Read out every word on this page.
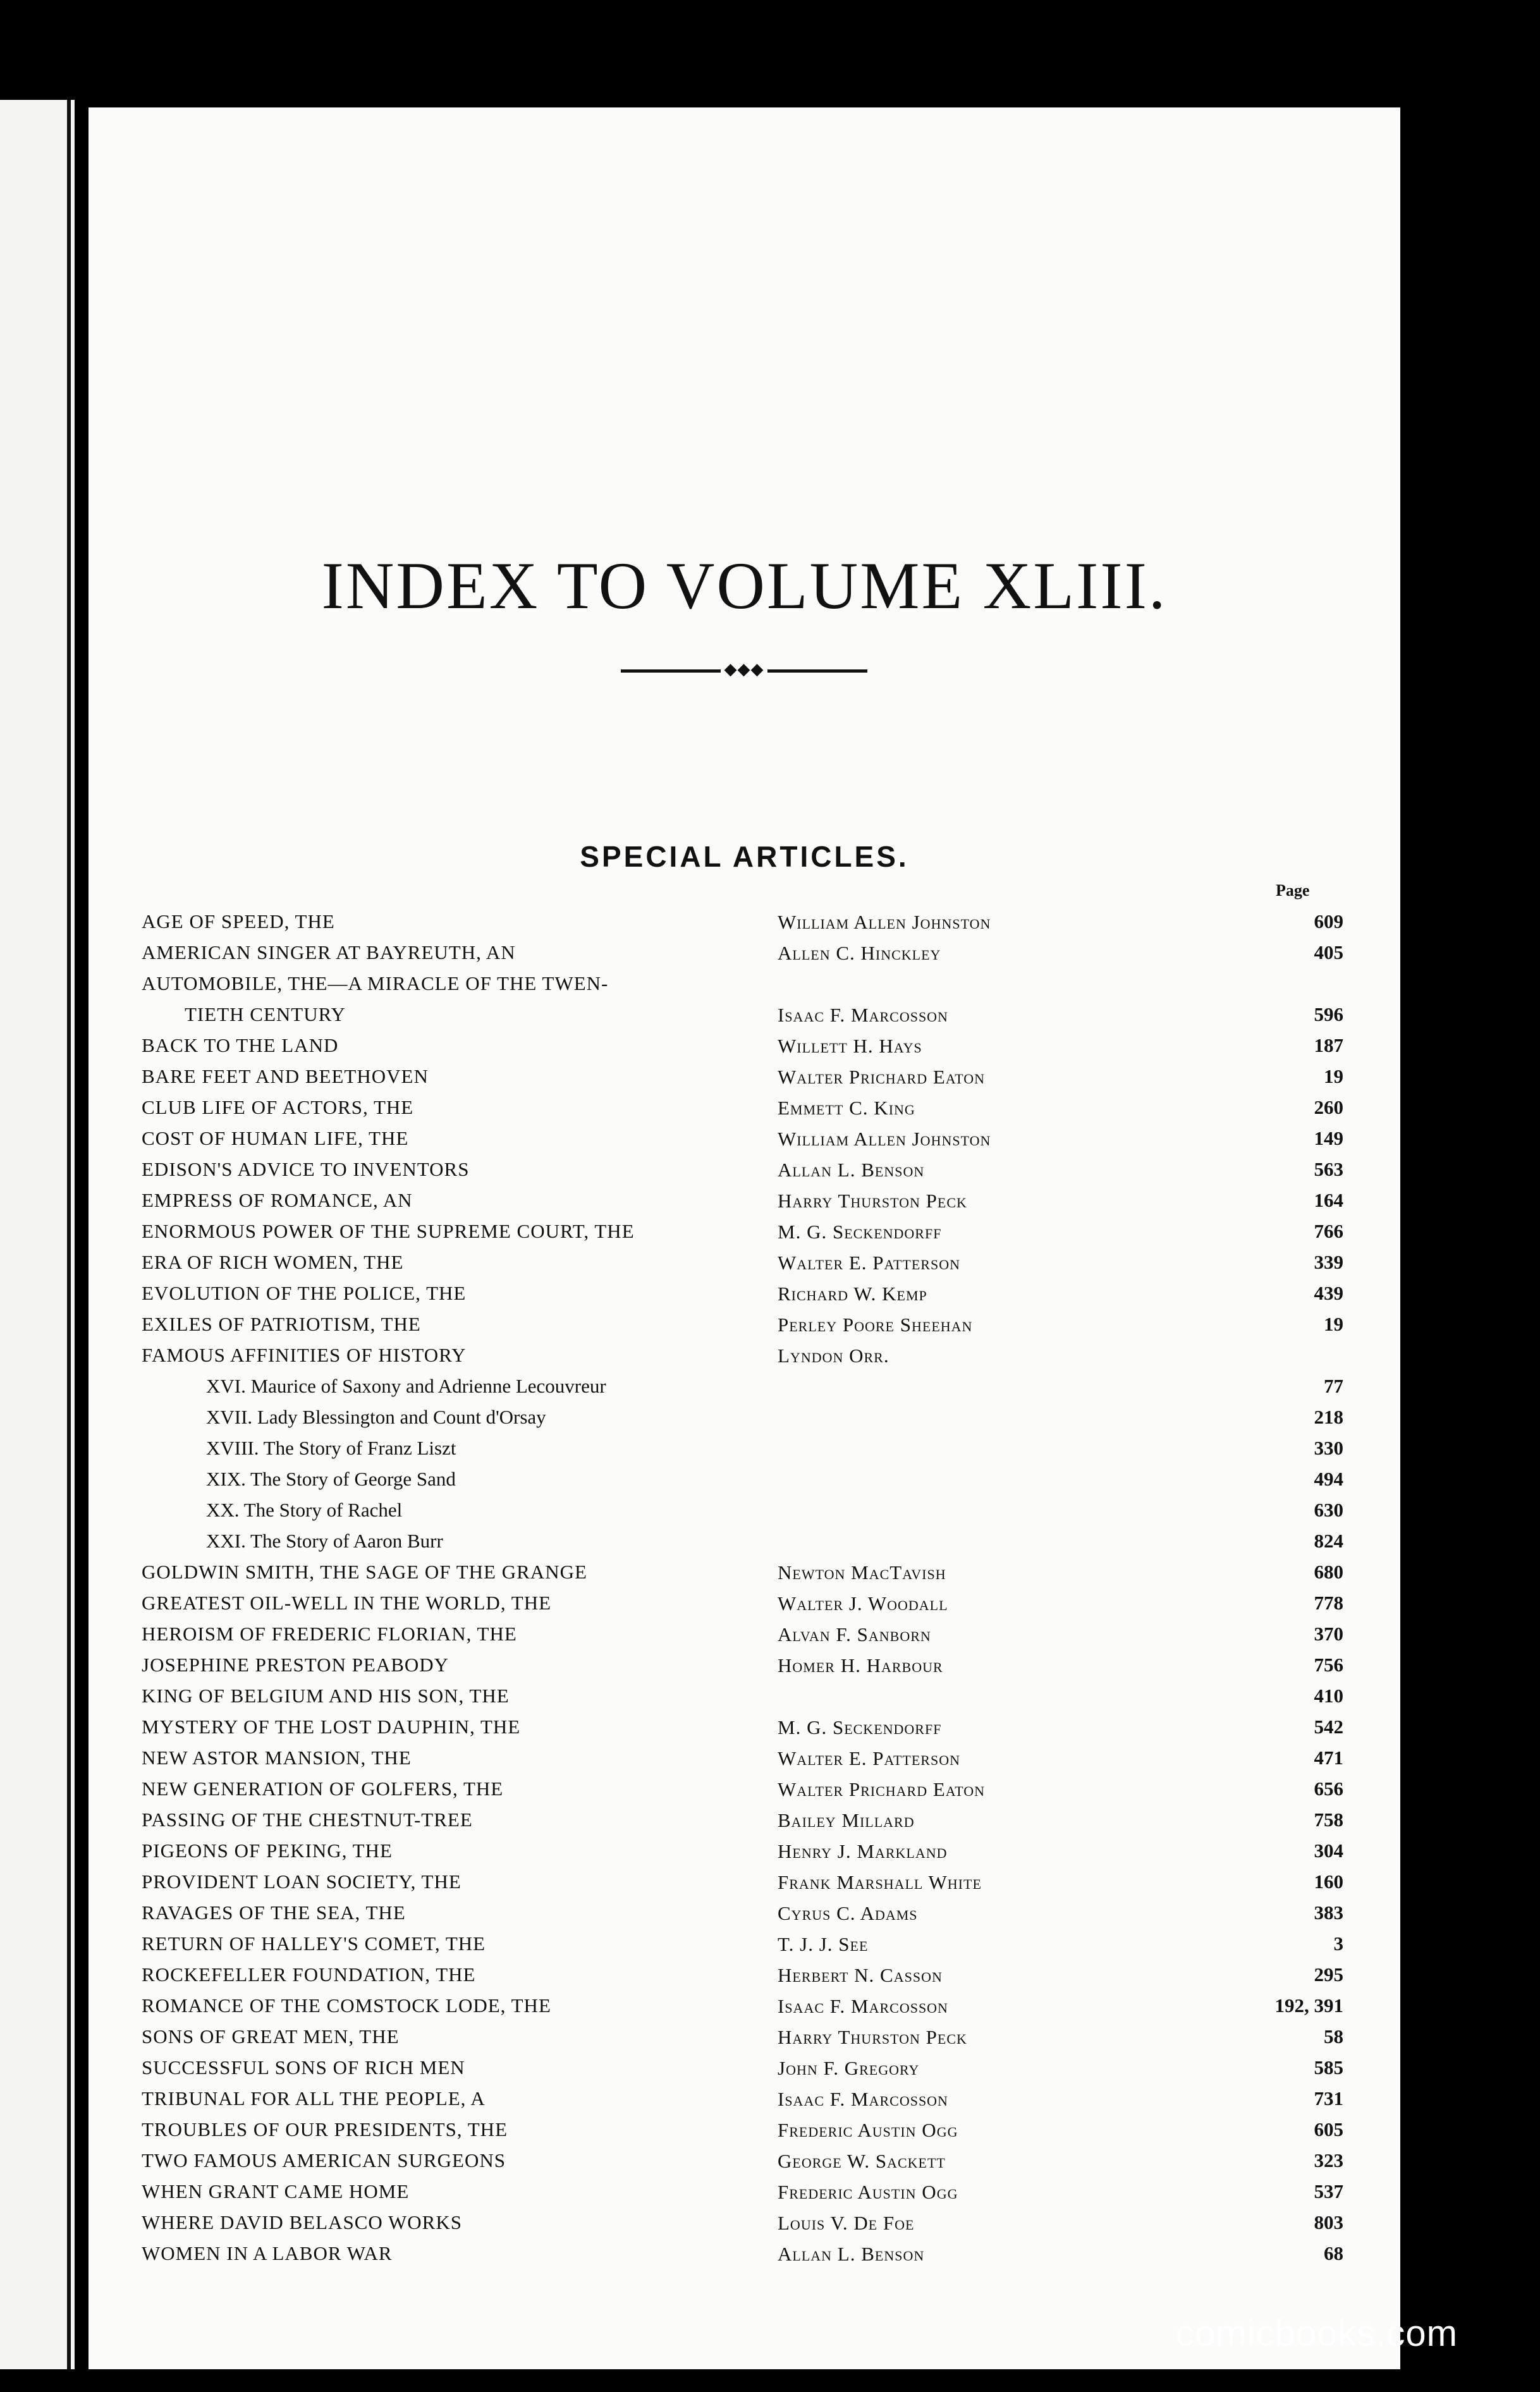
INDEX TO VOLUME XLIII.
◆◆◆
SPECIAL ARTICLES.
Page
AGE OF SPEED, THE	William Allen Johnston	609
AMERICAN SINGER AT BAYREUTH, AN	Allen C. Hinckley	405
AUTOMOBILE, THE—A MIRACLE OF THE TWEN-
TIETH CENTURY	Isaac F. Marcosson	596
BACK TO THE LAND	Willett H. Hays	187
BARE FEET AND BEETHOVEN	Walter Prichard Eaton	19
CLUB LIFE OF ACTORS, THE	Emmett C. King	260
COST OF HUMAN LIFE, THE	William Allen Johnston	149
EDISON'S ADVICE TO INVENTORS	Allan L. Benson	563
EMPRESS OF ROMANCE, AN	Harry Thurston Peck	164
ENORMOUS POWER OF THE SUPREME COURT, THE	M. G. Seckendorff	766
ERA OF RICH WOMEN, THE	Walter E. Patterson	339
EVOLUTION OF THE POLICE, THE	Richard W. Kemp	439
EXILES OF PATRIOTISM, THE	Perley Poore Sheehan	19
FAMOUS AFFINITIES OF HISTORY	Lyndon Orr.
XVI. Maurice of Saxony and Adrienne Lecouvreur	77
XVII. Lady Blessington and Count d'Orsay	218
XVIII. The Story of Franz Liszt	330
XIX. The Story of George Sand	494
XX. The Story of Rachel	630
XXI. The Story of Aaron Burr	824
GOLDWIN SMITH, THE SAGE OF THE GRANGE	Newton MacTavish	680
GREATEST OIL-WELL IN THE WORLD, THE	Walter J. Woodall	778
HEROISM OF FREDERIC FLORIAN, THE	Alvan F. Sanborn	370
JOSEPHINE PRESTON PEABODY	Homer H. Harbour	756
KING OF BELGIUM AND HIS SON, THE	410
MYSTERY OF THE LOST DAUPHIN, THE	M. G. Seckendorff	542
NEW ASTOR MANSION, THE	Walter E. Patterson	471
NEW GENERATION OF GOLFERS, THE	Walter Prichard Eaton	656
PASSING OF THE CHESTNUT-TREE	Bailey Millard	758
PIGEONS OF PEKING, THE	Henry J. Markland	304
PROVIDENT LOAN SOCIETY, THE	Frank Marshall White	160
RAVAGES OF THE SEA, THE	Cyrus C. Adams	383
RETURN OF HALLEY'S COMET, THE	T. J. J. See	3
ROCKEFELLER FOUNDATION, THE	Herbert N. Casson	295
ROMANCE OF THE COMSTOCK LODE, THE	Isaac F. Marcosson	192, 391
SONS OF GREAT MEN, THE	Harry Thurston Peck	58
SUCCESSFUL SONS OF RICH MEN	John F. Gregory	585
TRIBUNAL FOR ALL THE PEOPLE, A	Isaac F. Marcosson	731
TROUBLES OF OUR PRESIDENTS, THE	Frederic Austin Ogg	605
TWO FAMOUS AMERICAN SURGEONS	George W. Sackett	323
WHEN GRANT CAME HOME	Frederic Austin Ogg	537
WHERE DAVID BELASCO WORKS	Louis V. De Foe	803
WOMEN IN A LABOR WAR	Allan L. Benson	68
comicbooks.com
